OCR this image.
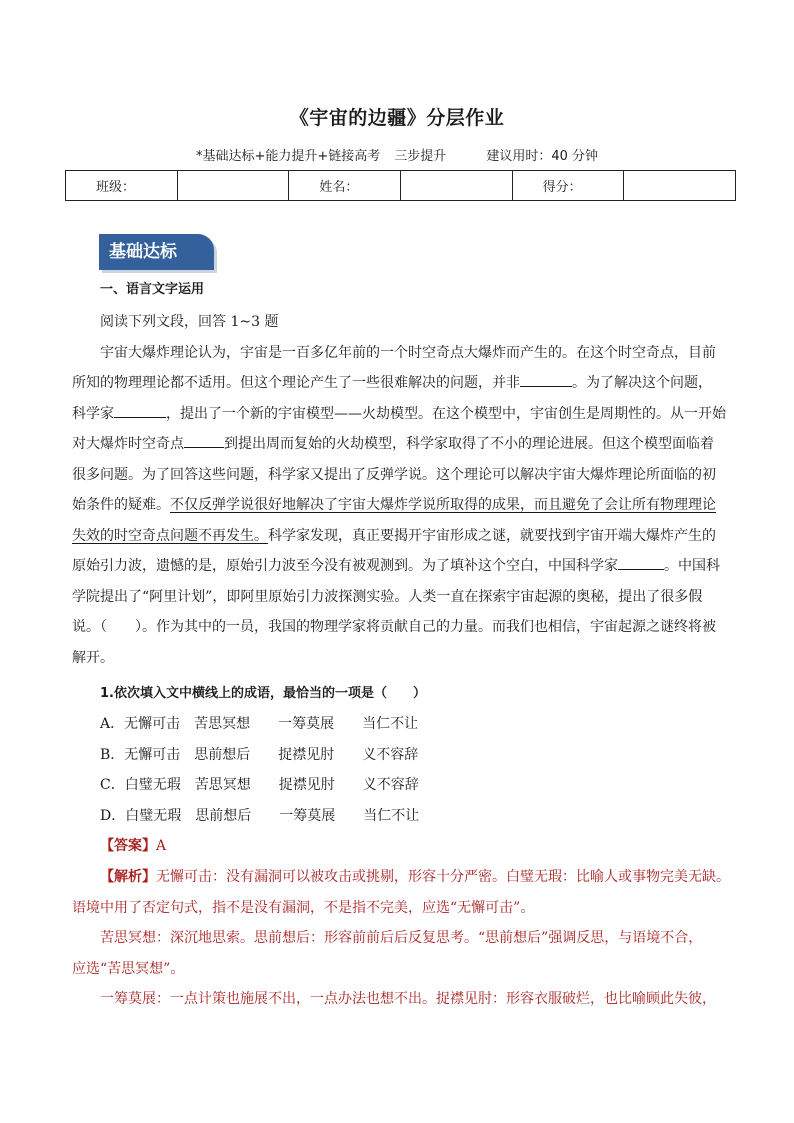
《宇宙的边疆》分层作业
*基础达标+能力提升+链接高考 三步提升	建议用时：40 分钟
班级：		姓名：		得分：	
基础达标
一、语言文字运用
阅读下列文段，回答 1~3 题
宇宙大爆炸理论认为，宇宙是一百多亿年前的一个时空奇点大爆炸而产生的。在这个时空奇点，目前
所知的物理理论都不适用。但这个理论产生了一些很难解决的问题，并非	。为了解决这个问题，
科学家	，提出了一个新的宇宙模型——火劫模型。在这个模型中，宇宙创生是周期性的。从一开始
对大爆炸时空奇点	到提出周而复始的火劫模型，科学家取得了不小的理论进展。但这个模型面临着
很多问题。为了回答这些问题，科学家又提出了反弹学说。这个理论可以解决宇宙大爆炸理论所面临的初
始条件的疑难。不仅反弹学说很好地解决了宇宙大爆炸学说所取得的成果，而且避免了会让所有物理理论
失效的时空奇点问题不再发生。科学家发现，真正要揭开宇宙形成之谜，就要找到宇宙开端大爆炸产生的
原始引力波，遗憾的是，原始引力波至今没有被观测到。为了填补这个空白，中国科学家	。中国科
学院提出了“阿里计划”，即阿里原始引力波探测实验。人类一直在探索宇宙起源的奥秘，提出了很多假
说。（　　）。作为其中的一员，我国的物理学家将贡献自己的力量。而我们也相信，宇宙起源之谜终将被
解开。
1.依次填入文中横线上的成语，最恰当的一项是（　　）
A．无懈可击　苦思冥想　　一筹莫展　　当仁不让
B．无懈可击　思前想后　　捉襟见肘　　义不容辞
C．白璧无瑕　苦思冥想　　捉襟见肘　　义不容辞
D．白璧无瑕　思前想后　　一筹莫展　　当仁不让
【答案】A
【解析】无懈可击：没有漏洞可以被攻击或挑剔，形容十分严密。白璧无瑕：比喻人或事物完美无缺。
语境中用了否定句式，指不是没有漏洞，不是指不完美，应选“无懈可击”。
苦思冥想：深沉地思索。思前想后：形容前前后后反复思考。“思前想后”强调反思，与语境不合，
应选“苦思冥想”。
一筹莫展：一点计策也施展不出，一点办法也想不出。捉襟见肘：形容衣服破烂，也比喻顾此失彼，
